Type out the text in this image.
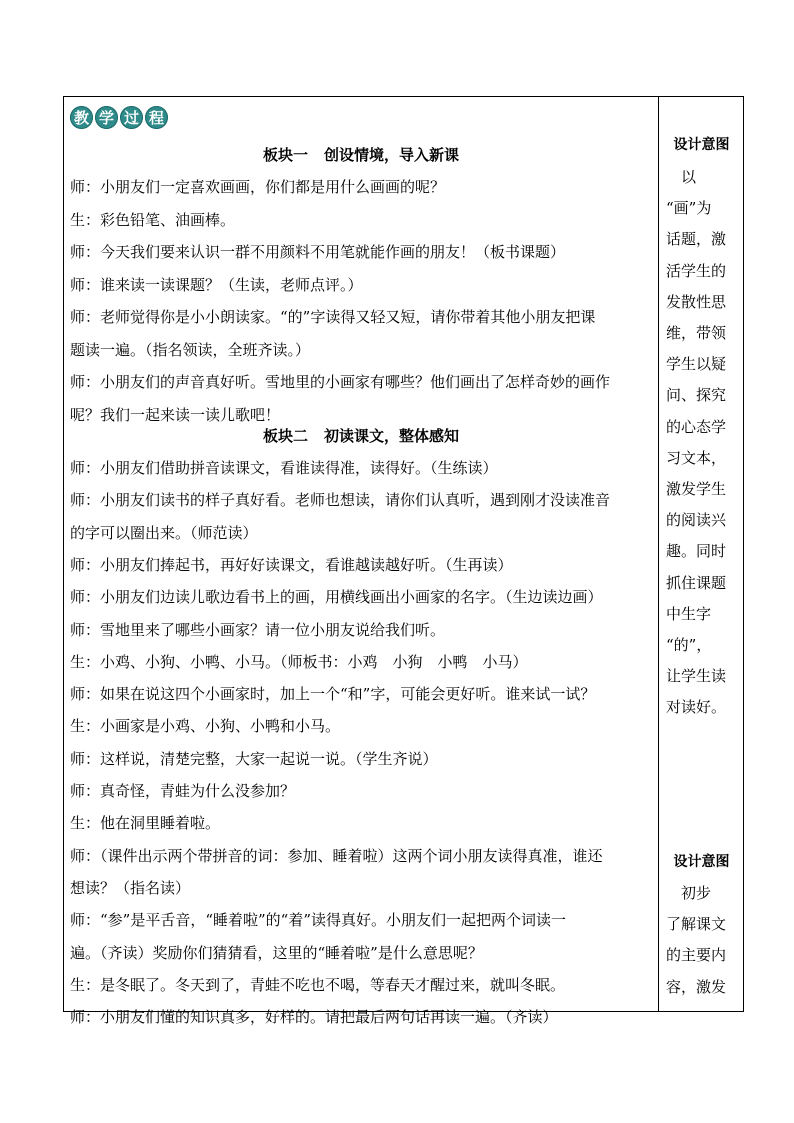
教 学 过 程
板块一 创设情境，导入新课
师：小朋友们一定喜欢画画，你们都是用什么画画的呢？
生：彩色铅笔、油画棒。
师：今天我们要来认识一群不用颜料不用笔就能作画的朋友！（板书课题）
师：谁来读一读课题？（生读，老师点评。）
师：老师觉得你是小小朗读家。“的”字读得又轻又短，请你带着其他小朋友把课
题读一遍。（指名领读，全班齐读。）
师：小朋友们的声音真好听。雪地里的小画家有哪些？他们画出了怎样奇妙的画作
呢？我们一起来读一读儿歌吧！
板块二 初读课文，整体感知
师：小朋友们借助拼音读课文，看谁读得准，读得好。（生练读）
师：小朋友们读书的样子真好看。老师也想读，请你们认真听，遇到刚才没读准音
的字可以圈出来。（师范读）
师：小朋友们捧起书，再好好读课文，看谁越读越好听。（生再读）
师：小朋友们边读儿歌边看书上的画，用横线画出小画家的名字。（生边读边画）
师：雪地里来了哪些小画家？请一位小朋友说给我们听。
生：小鸡、小狗、小鸭、小马。（师板书：小鸡　小狗　小鸭　小马）
师：如果在说这四个小画家时，加上一个“和”字，可能会更好听。谁来试一试？
生：小画家是小鸡、小狗、小鸭和小马。
师：这样说，清楚完整，大家一起说一说。（学生齐说）
师：真奇怪，青蛙为什么没参加？
生：他在洞里睡着啦。
师：（课件出示两个带拼音的词：参加、睡着啦）这两个词小朋友读得真准，谁还
想读？（指名读）
师：“参”是平舌音，“睡着啦”的“着”读得真好。小朋友们一起把两个词读一
遍。（齐读）奖励你们猜猜看，这里的“睡着啦”是什么意思呢？
生：是冬眠了。冬天到了，青蛙不吃也不喝，等春天才醒过来，就叫冬眠。
师：小朋友们懂的知识真多，好样的。请把最后两句话再读一遍。（齐读）
设计意图
　以
“画”为
话题，激
活学生的
发散性思
维，带领
学生以疑
问、探究
的心态学
习文本，
激发学生
的阅读兴
趣。同时
抓住课题
中生字
“的”，
让学生读
对读好。
设计意图
　初步
了解课文
的主要内
容，激发
